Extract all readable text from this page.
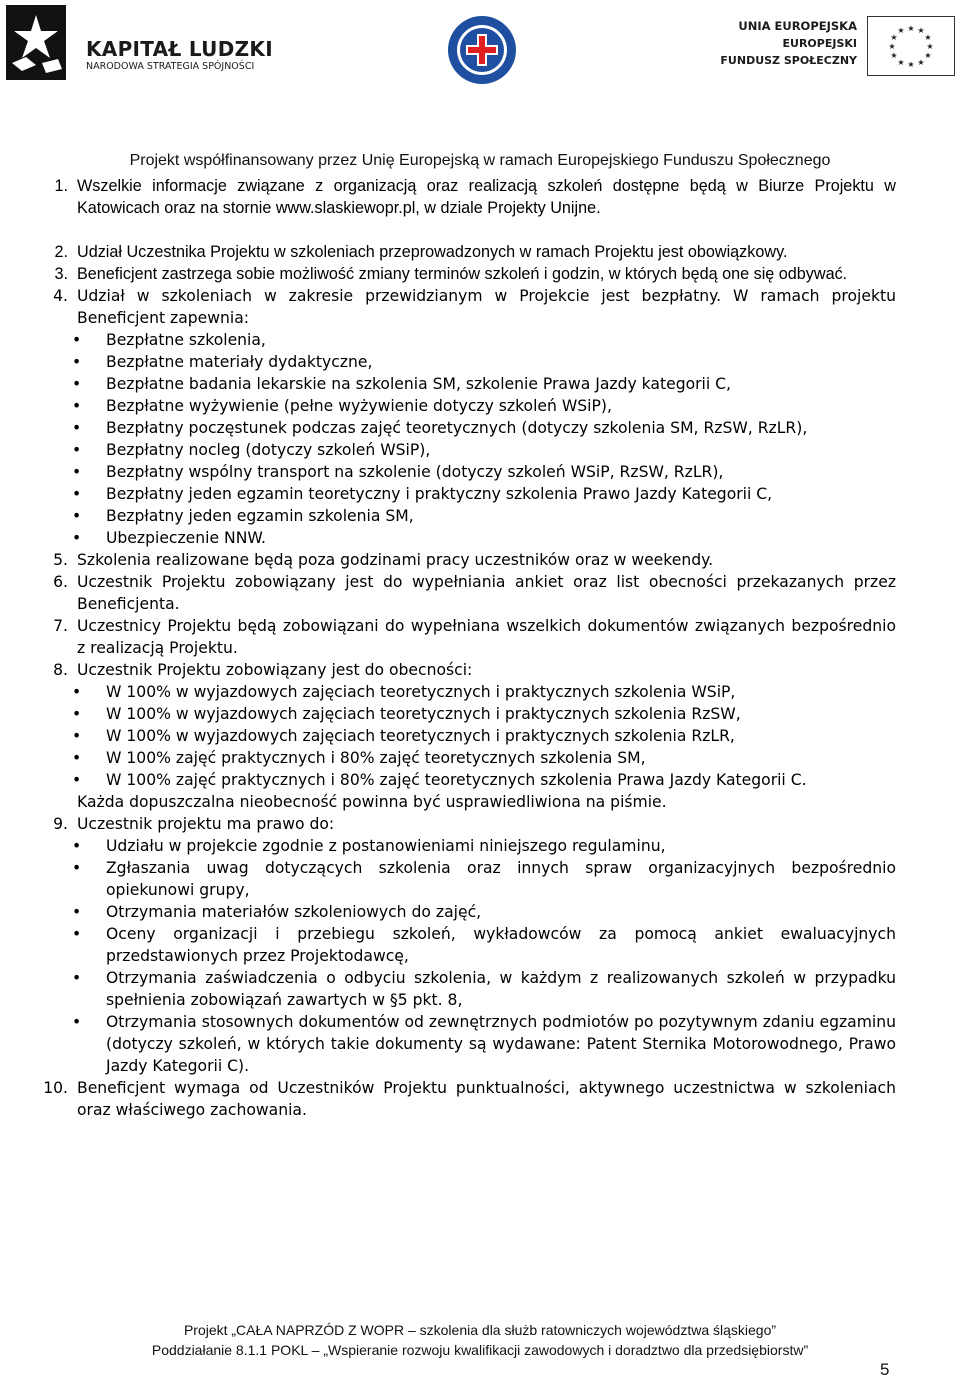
KAPITAŁ LUDZKI
NARODOWA STRATEGIA SPÓJNOŚCI
UNIA EUROPEJSKA
EUROPEJSKI
FUNDUSZ SPOŁECZNY
★ ★
★
★
★
★
★
★
★
★
★
★
Projekt współfinansowany przez Unię Europejską w ramach Europejskiego Funduszu Społecznego
1. Wszelkie informacje związane z organizacją oraz realizacją szkoleń dostępne będą w Biurze Projektu w Katowicach oraz na stornie www.slaskiewopr.pl, w dziale Projekty Unijne.
2. Udział Uczestnika Projektu w szkoleniach przeprowadzonych w ramach Projektu jest obowiązkowy.
3. Beneficjent zastrzega sobie możliwość zmiany terminów szkoleń i godzin, w których będą one się odbywać.
4. Udział w szkoleniach w zakresie przewidzianym w Projekcie jest bezpłatny. W ramach projektu Beneficjent zapewnia:
• Bezpłatne szkolenia,
• Bezpłatne materiały dydaktyczne,
• Bezpłatne badania lekarskie na szkolenia SM, szkolenie Prawa Jazdy kategorii C,
• Bezpłatne wyżywienie (pełne wyżywienie dotyczy szkoleń WSiP),
• Bezpłatny poczęstunek podczas zajęć teoretycznych (dotyczy szkolenia SM, RzSW, RzLR),
• Bezpłatny nocleg (dotyczy szkoleń WSiP),
• Bezpłatny wspólny transport na szkolenie (dotyczy szkoleń WSiP, RzSW, RzLR),
• Bezpłatny jeden egzamin teoretyczny i praktyczny szkolenia Prawo Jazdy Kategorii C,
• Bezpłatny jeden egzamin szkolenia SM,
• Ubezpieczenie NNW.
5. Szkolenia realizowane będą poza godzinami pracy uczestników oraz w weekendy.
6. Uczestnik Projektu zobowiązany jest do wypełniania ankiet oraz list obecności przekazanych przez Beneficjenta.
7. Uczestnicy Projektu będą zobowiązani do wypełniana wszelkich dokumentów związanych bezpośrednio z realizacją Projektu.
8. Uczestnik Projektu zobowiązany jest do obecności:
• W 100% w wyjazdowych zajęciach teoretycznych i praktycznych szkolenia WSiP,
• W 100% w wyjazdowych zajęciach teoretycznych i praktycznych szkolenia RzSW,
• W 100% w wyjazdowych zajęciach teoretycznych i praktycznych szkolenia RzLR,
• W 100% zajęć praktycznych i 80% zajęć teoretycznych szkolenia SM,
• W 100% zajęć praktycznych i 80% zajęć teoretycznych szkolenia Prawa Jazdy Kategorii C.
Każda dopuszczalna nieobecność powinna być usprawiedliwiona na piśmie.
9. Uczestnik projektu ma prawo do:
• Udziału w projekcie zgodnie z postanowieniami niniejszego regulaminu,
• Zgłaszania uwag dotyczących szkolenia oraz innych spraw organizacyjnych bezpośrednio opiekunowi grupy,
• Otrzymania materiałów szkoleniowych do zajęć,
• Oceny organizacji i przebiegu szkoleń, wykładowców za pomocą ankiet ewaluacyjnych przedstawionych przez Projektodawcę,
• Otrzymania zaświadczenia o odbyciu szkolenia, w każdym z realizowanych szkoleń w przypadku spełnienia zobowiązań zawartych w §5 pkt. 8,
• Otrzymania stosownych dokumentów od zewnętrznych podmiotów po pozytywnym zdaniu egzaminu (dotyczy szkoleń, w których takie dokumenty są wydawane: Patent Sternika Motorowodnego, Prawo Jazdy Kategorii C).
10. Beneficjent wymaga od Uczestników Projektu punktualności, aktywnego uczestnictwa w szkoleniach oraz właściwego zachowania.
Projekt „CAŁA NAPRZÓD Z WOPR – szkolenia dla służb ratowniczych województwa śląskiego”
Poddziałanie 8.1.1 POKL – „Wspieranie rozwoju kwalifikacji zawodowych i doradztwo dla przedsiębiorstw”
5
